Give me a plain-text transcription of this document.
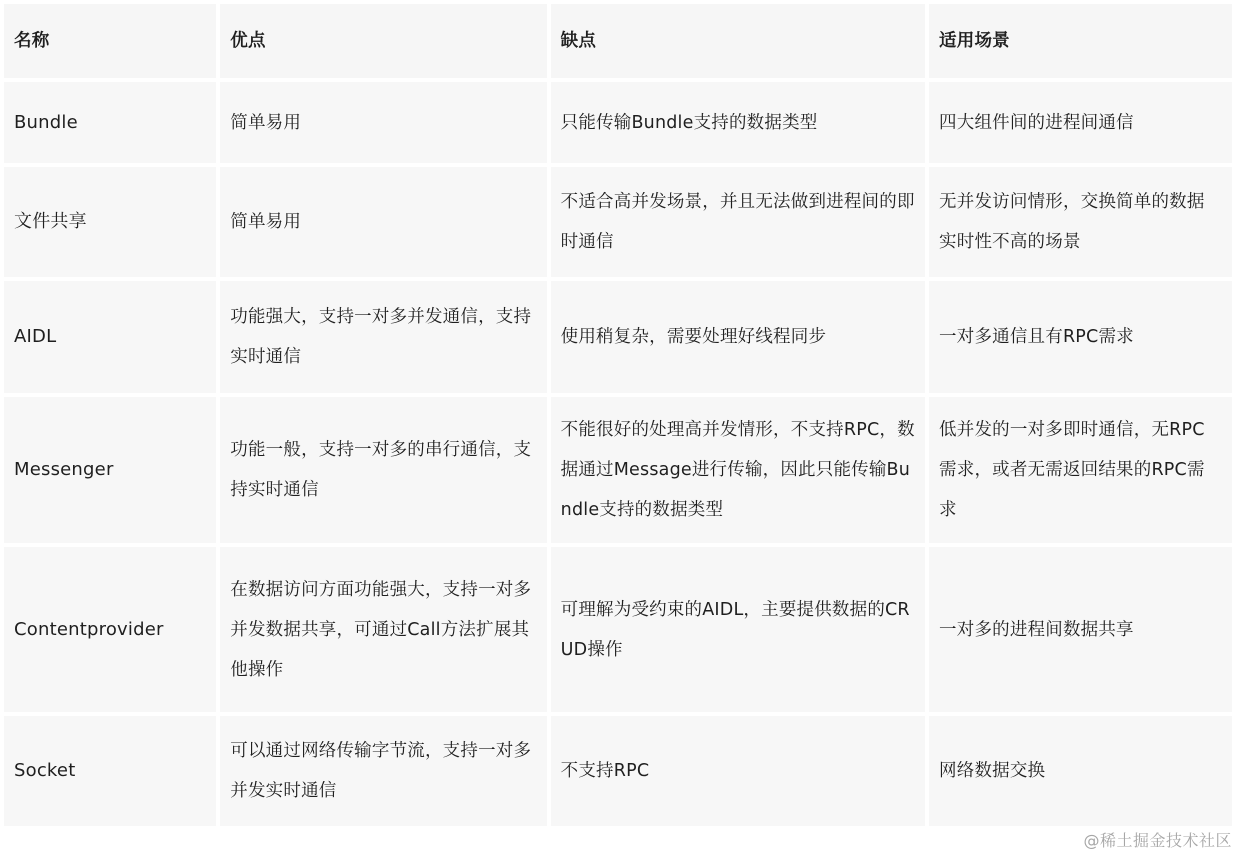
名称	优点	缺点	适用场景
Bundle	简单易用	只能传输Bundle支持的数据类型	四大组件间的进程间通信
文件共享	简单易用	不适合高并发场景，并且无法做到进程间的即时通信	无并发访问情形，交换简单的数据实时性不高的场景
AIDL	功能强大，支持一对多并发通信，支持实时通信	使用稍复杂，需要处理好线程同步	一对多通信且有RPC需求
Messenger	功能一般，支持一对多的串行通信，支持实时通信	不能很好的处理高并发情形，不支持RPC，数据通过Message进行传输，因此只能传输Bundle支持的数据类型	低并发的一对多即时通信，无RPC需求，或者无需返回结果的RPC需求
Contentprovider	在数据访问方面功能强大，支持一对多并发数据共享，可通过Call方法扩展其他操作	可理解为受约束的AIDL，主要提供数据的CRUD操作	一对多的进程间数据共享
Socket	可以通过网络传输字节流，支持一对多并发实时通信	不支持RPC	网络数据交换
@稀土掘金技术社区
